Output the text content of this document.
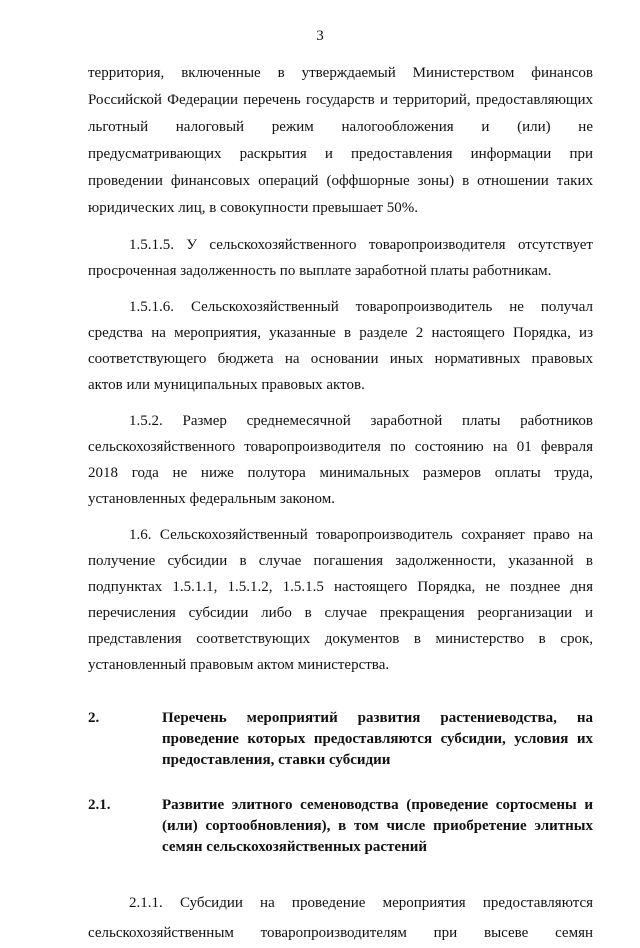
3
территория, включенные в утверждаемый Министерством финансов
Российской Федерации перечень государств и территорий, предоставляющих
льготный налоговый режим налогообложения и (или) не
предусматривающих раскрытия и предоставления информации при
проведении финансовых операций (оффшорные зоны) в отношении таких
юридических лиц, в совокупности превышает 50%.
1.5.1.5. У сельскохозяйственного товаропроизводителя отсутствует
просроченная задолженность по выплате заработной платы работникам.
1.5.1.6. Сельскохозяйственный товаропроизводитель не получал
средства на мероприятия, указанные в разделе 2 настоящего Порядка, из
соответствующего бюджета на основании иных нормативных правовых
актов или муниципальных правовых актов.
1.5.2. Размер среднемесячной заработной платы работников
сельскохозяйственного товаропроизводителя по состоянию на 01 февраля
2018 года не ниже полутора минимальных размеров оплаты труда,
установленных федеральным законом.
1.6. Сельскохозяйственный товаропроизводитель сохраняет право на
получение субсидии в случае погашения задолженности, указанной в
подпунктах 1.5.1.1, 1.5.1.2, 1.5.1.5 настоящего Порядка, не позднее дня
перечисления субсидии либо в случае прекращения реорганизации и
представления соответствующих документов в министерство в срок,
установленный правовым актом министерства.
2.	Перечень мероприятий развития растениеводства, на
проведение которых предоставляются субсидии, условия их
предоставления, ставки субсидии
2.1.	Развитие элитного семеноводства (проведение сортосмены и
(или) сортообновления), в том числе приобретение элитных
семян сельскохозяйственных растений
2.1.1. Субсидии на проведение мероприятия предоставляются
сельскохозяйственным товаропроизводителям при высеве семян
